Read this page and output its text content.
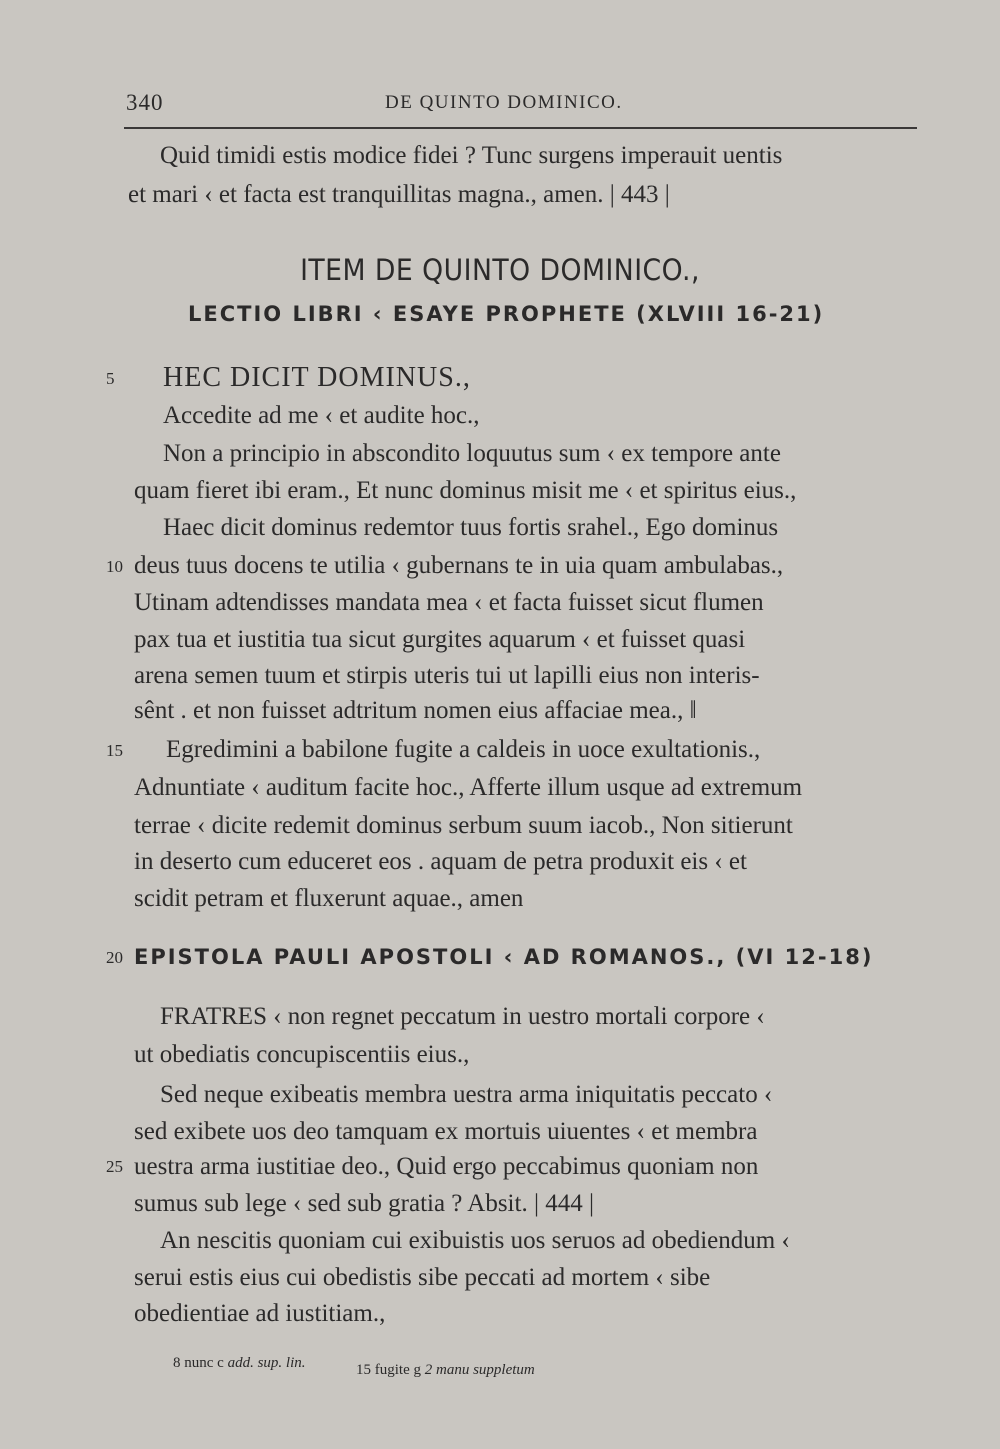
340	DE QUINTO DOMINICO.
Quid timidi estis modice fidei ? Tunc surgens imperauit uentis
et mari ‹ et facta est tranquillitas magna., amen. | 443 |
ITEM DE QUINTO DOMINICO.,
LECTIO LIBRI ‹ ESAYE PROPHETE (XLVIII 16-21)
5 HEC DICIT DOMINUS.,
Accedite ad me ‹ et audite hoc.,
Non a principio in abscondito loquutus sum ‹ ex tempore ante
quam fieret ibi eram., Et nunc dominus misit me ‹ et spiritus eius.,
Haec dicit dominus redemtor tuus fortis srahel., Ego dominus
10 deus tuus docens te utilia ‹ gubernans te in uia quam ambulabas.,
Utinam adtendisses mandata mea ‹ et facta fuisset sicut flumen
pax tua et iustitia tua sicut gurgites aquarum ‹ et fuisset quasi
arena semen tuum et stirpis uteris tui ut lapilli eius non interis-
sênt . et non fuisset adtritum nomen eius affaciae mea., ‖
15 Egredimini a babilone fugite a caldeis in uoce exultationis.,
Adnuntiate ‹ auditum facite hoc., Afferte illum usque ad extremum
terrae ‹ dicite redemit dominus serbum suum iacob., Non sitierunt
in deserto cum educeret eos . aquam de petra produxit eis ‹ et
scidit petram et fluxerunt aquae., amen
20 EPISTOLA PAULI APOSTOLI ‹ AD ROMANOS., (VI 12-18)
FRATRES ‹ non regnet peccatum in uestro mortali corpore ‹
ut obediatis concupiscentiis eius.,
Sed neque exibeatis membra uestra arma iniquitatis peccato ‹
sed exibete uos deo tamquam ex mortuis uiuentes ‹ et membra
25 uestra arma iustitiae deo., Quid ergo peccabimus quoniam non
sumus sub lege ‹ sed sub gratia ? Absit. | 444 |
An nescitis quoniam cui exibuistis uos seruos ad obediendum ‹
serui estis eius cui obedistis sibe peccati ad mortem ‹ sibe
obedientiae ad iustitiam.,
8 nunc c add. sup. lin.	15 fugite g 2 manu suppletum
